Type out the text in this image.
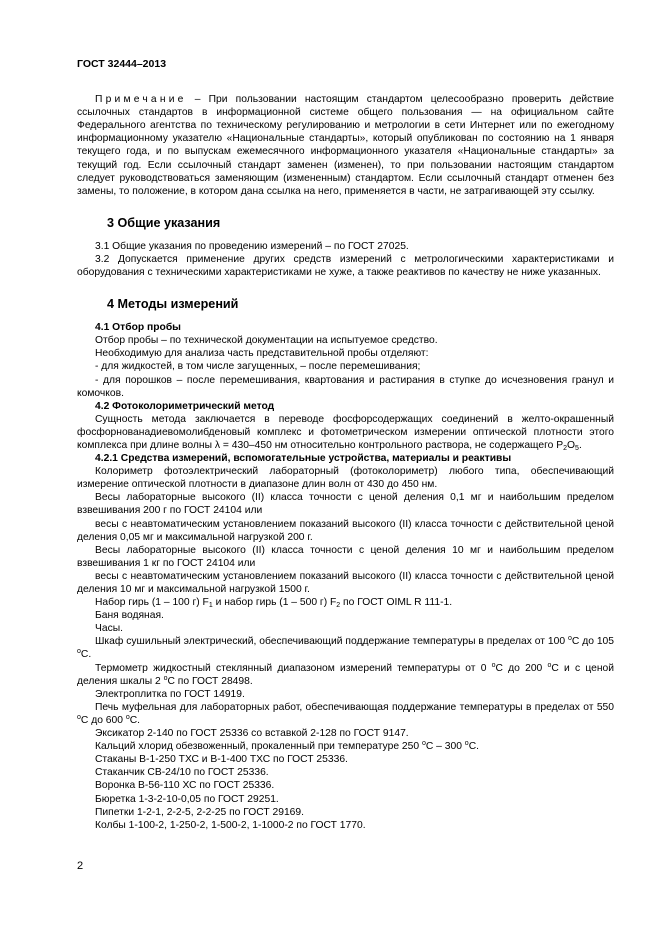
ГОСТ 32444–2013

Примечание – При пользовании настоящим стандартом целесообразно проверить действие ссылочных стандартов в информационной системе общего пользования — на официальном сайте Федерального агентства по техническому регулированию и метрологии в сети Интернет или по ежегодному информационному указателю «Национальные стандарты», который опубликован по состоянию на 1 января текущего года, и по выпускам ежемесячного информационного указателя «Национальные стандарты» за текущий год. Если ссылочный стандарт заменен (изменен), то при пользовании настоящим стандартом следует руководствоваться заменяющим (измененным) стандартом. Если ссылочный стандарт отменен без замены, то положение, в котором дана ссылка на него, применяется в части, не затрагивающей эту ссылку.

3 Общие указания

3.1 Общие указания по проведению измерений – по ГОСТ 27025.

3.2 Допускается применение других средств измерений с метрологическими характеристиками и оборудования с техническими характеристиками не хуже, а также реактивов по качеству не ниже указанных.

4 Методы измерений

4.1 Отбор пробы

Отбор пробы – по технической документации на испытуемое средство.

Необходимую для анализа часть представительной пробы отделяют:

- для жидкостей, в том числе загущенных, – после перемешивания;

- для порошков – после перемешивания, квартования и растирания в ступке до исчезновения гранул и комочков.

4.2 Фотоколориметрический метод

Сущность метода заключается в переводе фосфорсодержащих соединений в желто-окрашенный фосфорнованадиевомолибденовый комплекс и фотометрическом измерении оптической плотности этого комплекса при длине волны λ = 430–450 нм относительно контрольного раствора, не содержащего $P_2O_5$.

4.2.1 Средства измерений, вспомогательные устройства, материалы и реактивы

Колориметр фотоэлектрический лабораторный (фотоколориметр) любого типа, обеспечивающий измерение оптической плотности в диапазоне длин волн от 430 до 450 нм.

Весы лабораторные высокого (II) класса точности с ценой деления 0,1 мг и наибольшим пределом взвешивания 200 г по ГОСТ 24104 или

весы с неавтоматическим установлением показаний высокого (II) класса точности с действительной ценой деления 0,05 мг и максимальной нагрузкой 200 г.

Весы лабораторные высокого (II) класса точности с ценой деления 10 мг и наибольшим пределом взвешивания 1 кг по ГОСТ 24104 или

весы с неавтоматическим установлением показаний высокого (II) класса точности с действительной ценой деления 10 мг и максимальной нагрузкой 1500 г.

Набор гирь (1 – 100 г) $F_1$ и набор гирь (1 – 500 г) $F_2$ по ГОСТ OIML R 111-1.

Баня водяная.

Часы.

Шкаф сушильный электрический, обеспечивающий поддержание температуры в пределах от 100 $^o$С до 105 $^o$С.

Термометр жидкостный стеклянный диапазоном измерений температуры от 0 $^o$С до 200 $^o$С и с ценой деления шкалы 2 $^o$С по ГОСТ 28498.

Электроплитка по ГОСТ 14919.

Печь муфельная для лабораторных работ, обеспечивающая поддержание температуры в пределах от 550 $^o$С до 600 $^o$С.

Эксикатор 2-140 по ГОСТ 25336 со вставкой 2-128 по ГОСТ 9147.

Кальций хлорид обезвоженный, прокаленный при температуре 250 $^o$С – 300 $^o$С.

Стаканы В-1-250 ТХС и В-1-400 ТХС по ГОСТ 25336.

Стаканчик СВ-24/10 по ГОСТ 25336.

Воронка В-56-110 ХС по ГОСТ 25336.

Бюретка 1-3-2-10-0,05 по ГОСТ 29251.

Пипетки 1-2-1, 2-2-5, 2-2-25 по ГОСТ 29169.

Колбы 1-100-2, 1-250-2, 1-500-2, 1-1000-2 по ГОСТ 1770.

2
